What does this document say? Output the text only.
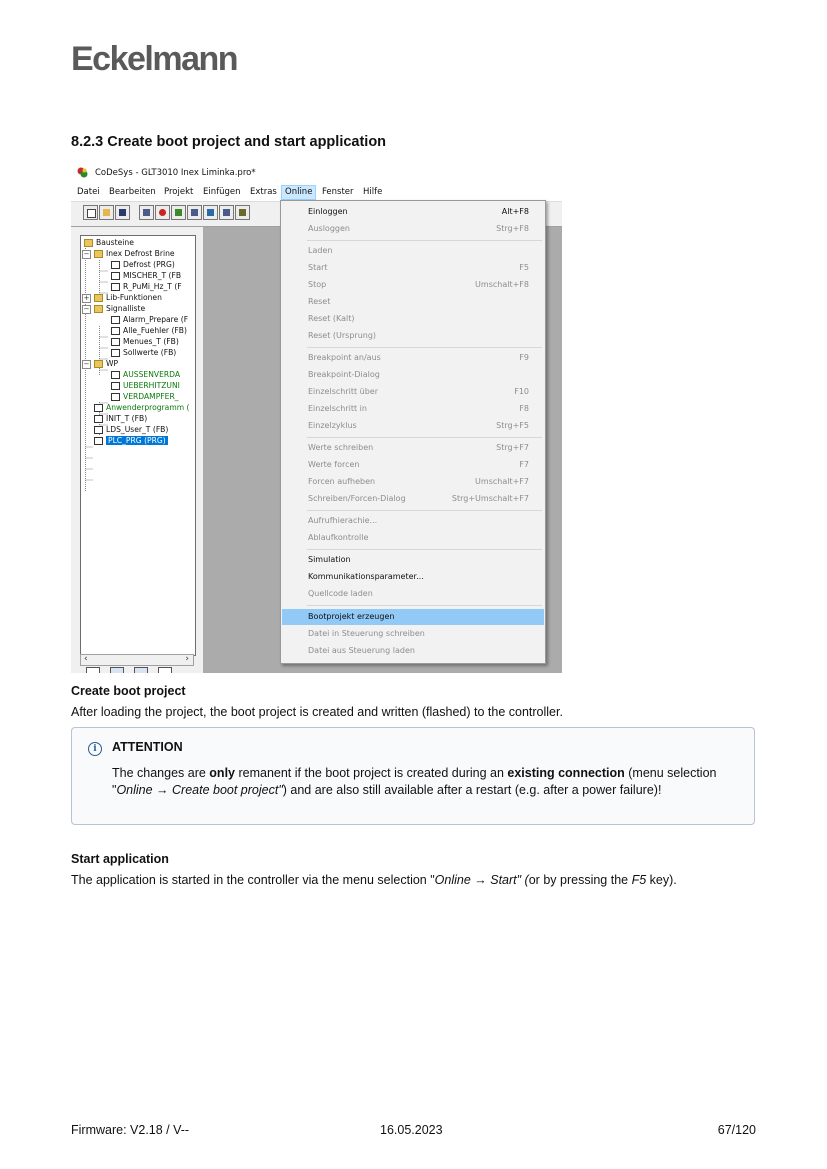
Eckelmann
8.2.3 Create boot project and start application
CoDeSys - GLT3010 Inex Liminka.pro*
Datei Bearbeiten Projekt Einfügen Extras Online	Fenster Hilfe
Bausteine
− Inex Defrost Brine
Defrost (PRG)
MISCHER_T (FB
R_PuMi_Hz_T (F
+ Lib-Funktionen
− Signalliste
Alarm_Prepare (F
Alle_Fuehler (FB)
Menues_T (FB)
Sollwerte (FB)
− WP
AUSSENVERDA
UEBERHITZUNI
VERDAMPFER_
Anwenderprogramm (
INIT_T (FB)
LDS_User_T (FB)
PLC_PRG (PRG)
‹	›
Einloggen	Alt+F8
Ausloggen	Strg+F8
Laden
Start	F5
Stop	Umschalt+F8
Reset
Reset (Kalt)
Reset (Ursprung)
Breakpoint an/aus	F9
Breakpoint-Dialog
Einzelschritt über	F10
Einzelschritt in	F8
Einzelzyklus	Strg+F5
Werte schreiben	Strg+F7
Werte forcen	F7
Forcen aufheben	Umschalt+F7
Schreiben/Forcen-Dialog	Strg+Umschalt+F7
Aufrufhierachie...
Ablaufkontrolle
Simulation
Kommunikationsparameter...
Quellcode laden
Bootprojekt erzeugen
Datei in Steuerung schreiben
Datei aus Steuerung laden
Create boot project
After loading the project, the boot project is created and written (flashed) to the controller.
i	ATTENTION
The changes are only remanent if the boot project is created during an existing connection (menu selection "Online → Create boot project") and are also still available after a restart (e.g. after a power failure)!
Start application
The application is started in the controller via the menu selection "Online → Start" (or by pressing the F5 key).
Firmware: V2.18 / V--	16.05.2023	67/120
